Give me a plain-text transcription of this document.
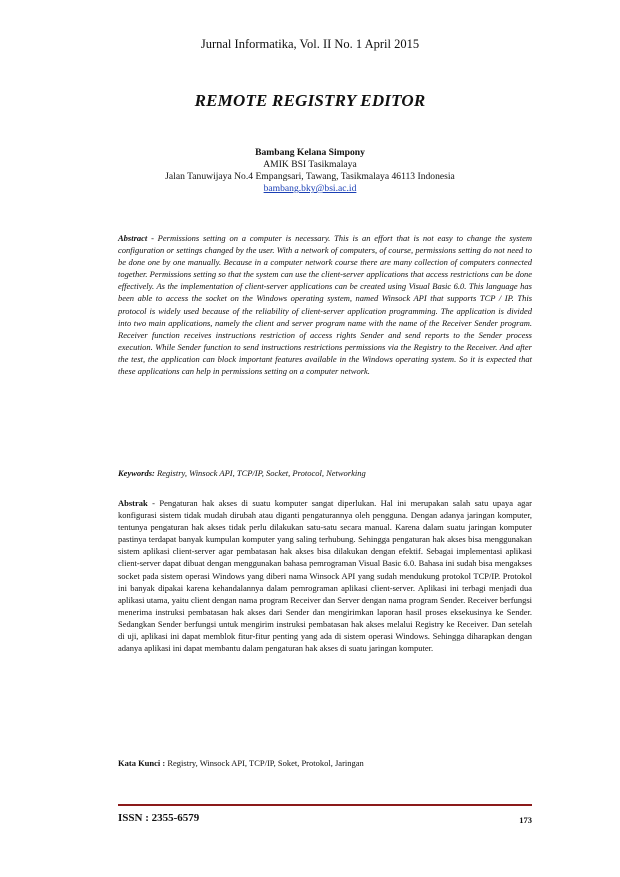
Jurnal Informatika, Vol. II No. 1 April 2015
REMOTE REGISTRY EDITOR
Bambang Kelana Simpony
AMIK BSI Tasikmalaya
Jalan Tanuwijaya No.4 Empangsari, Tawang, Tasikmalaya 46113 Indonesia
bambang.bky@bsi.ac.id
Abstract - Permissions setting on a computer is necessary. This is an effort that is not easy to change the system configuration or settings changed by the user. With a network of computers, of course, permissions setting do not need to be done one by one manually. Because in a computer network course there are many collection of computers connected together. Permissions setting so that the system can use the client-server applications that access restrictions can be done effectively. As the implementation of client-server applications can be created using Visual Basic 6.0. This language has been able to access the socket on the Windows operating system, named Winsock API that supports TCP / IP. This protocol is widely used because of the reliability of client-server application programming. The application is divided into two main applications, namely the client and server program name with the name of the Receiver Sender program. Receiver function receives instructions restriction of access rights Sender and send reports to the Sender process execution. While Sender function to send instructions restrictions permissions via the Registry to the Receiver. And after the test, the application can block important features available in the Windows operating system. So it is expected that these applications can help in permissions setting on a computer network.
Keywords: Registry, Winsock API, TCP/IP, Socket, Protocol, Networking
Abstrak - Pengaturan hak akses di suatu komputer sangat diperlukan. Hal ini merupakan salah satu upaya agar konfigurasi sistem tidak mudah dirubah atau diganti pengaturannya oleh pengguna. Dengan adanya jaringan komputer, tentunya pengaturan hak akses tidak perlu dilakukan satu-satu secara manual. Karena dalam suatu jaringan komputer pastinya terdapat banyak kumpulan komputer yang saling terhubung. Sehingga pengaturan hak akses bisa menggunakan sistem aplikasi client-server agar pembatasan hak akses bisa dilakukan dengan efektif. Sebagai implementasi aplikasi client-server dapat dibuat dengan menggunakan bahasa pemrograman Visual Basic 6.0. Bahasa ini sudah bisa mengakses socket pada sistem operasi Windows yang diberi nama Winsock API yang sudah mendukung protokol TCP/IP. Protokol ini banyak dipakai karena kehandalannya dalam pemrograman aplikasi client-server. Aplikasi ini terbagi menjadi dua aplikasi utama, yaitu client dengan nama program Receiver dan Server dengan nama program Sender. Receiver berfungsi menerima instruksi pembatasan hak akses dari Sender dan mengirimkan laporan hasil proses eksekusinya ke Sender. Sedangkan Sender berfungsi untuk mengirim instruksi pembatasan hak akses melalui Registry ke Receiver. Dan setelah di uji, aplikasi ini dapat memblok fitur-fitur penting yang ada di sistem operasi Windows. Sehingga diharapkan dengan adanya aplikasi ini dapat membantu dalam pengaturan hak akses di suatu jaringan komputer.
Kata Kunci : Registry, Winsock API, TCP/IP, Soket, Protokol, Jaringan
ISSN : 2355-6579	173
